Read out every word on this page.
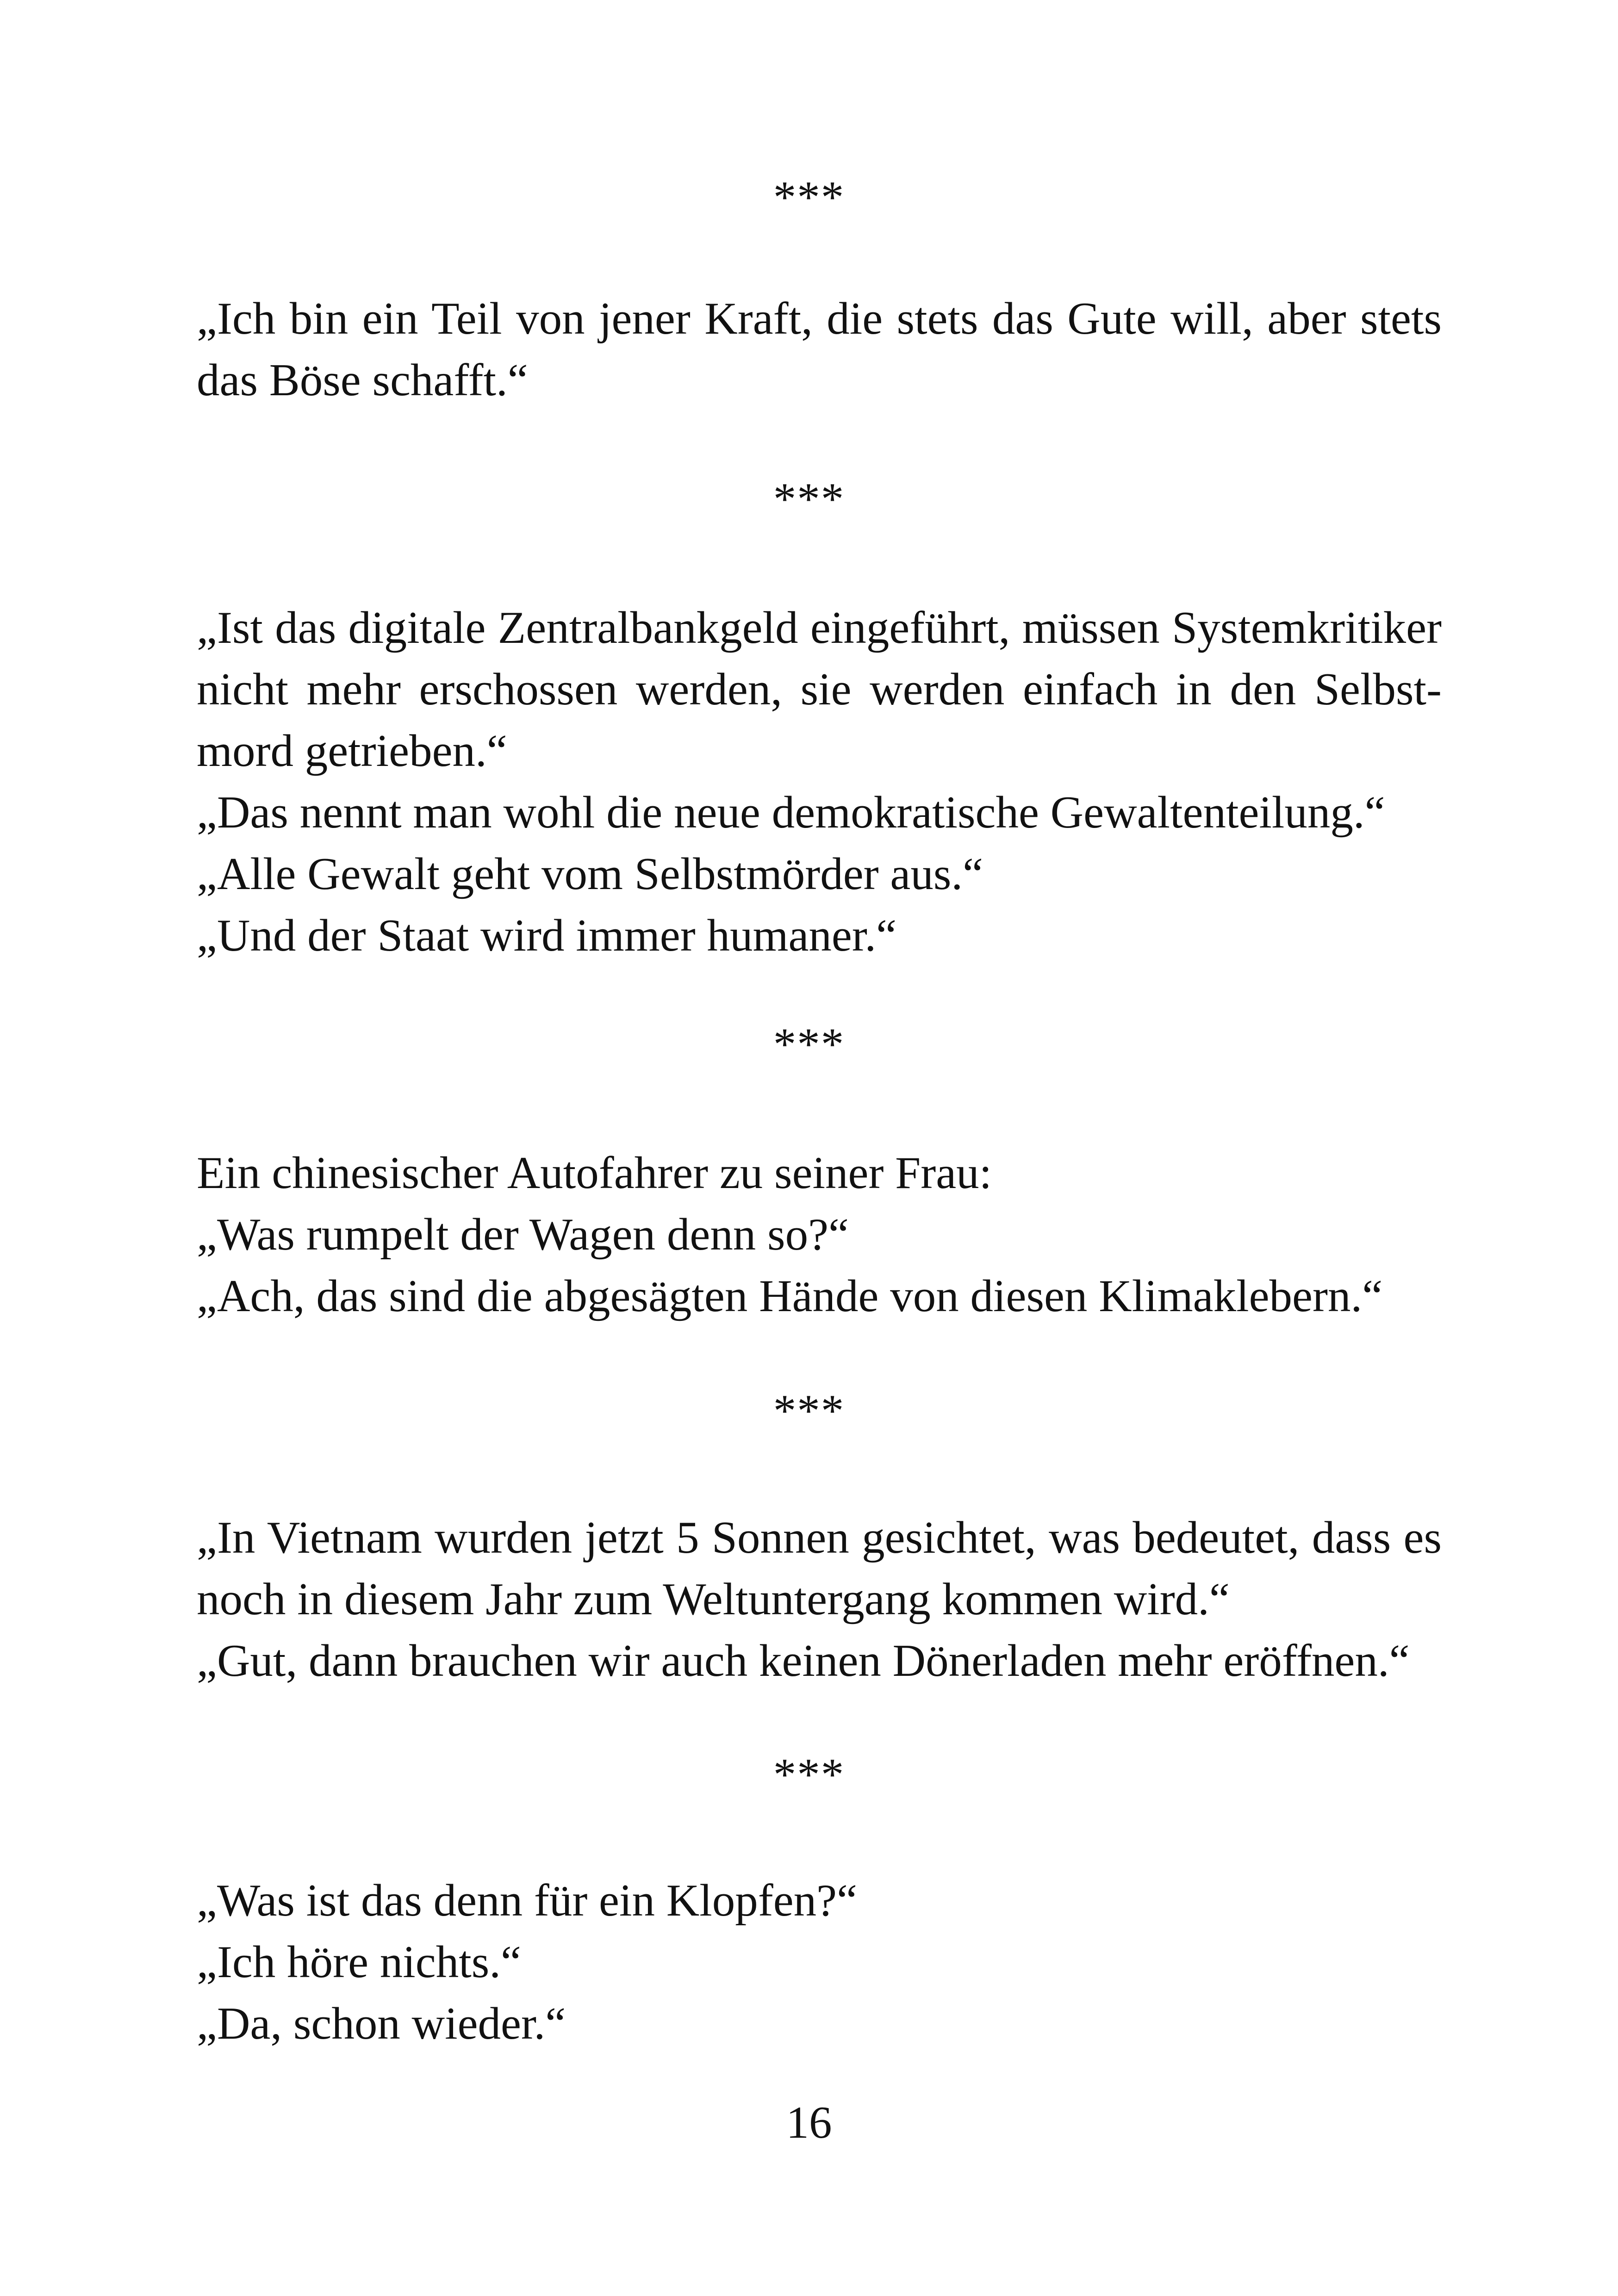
***

„Ich bin ein Teil von jener Kraft, die stets das Gute will, aber stets das Böse schafft.“

***

„Ist das digitale Zentralbankgeld eingeführt, müssen Systemkritiker nicht mehr erschossen werden, sie werden einfach in den Selbstmord getrieben.“

„Das nennt man wohl die neue demokratische Gewaltenteilung.“

„Alle Gewalt geht vom Selbstmörder aus.“

„Und der Staat wird immer humaner.“

***

Ein chinesischer Autofahrer zu seiner Frau:

„Was rumpelt der Wagen denn so?“

„Ach, das sind die abgesägten Hände von diesen Klimaklebern.“

***

„In Vietnam wurden jetzt 5 Sonnen gesichtet, was bedeutet, dass es noch in diesem Jahr zum Weltuntergang kommen wird.“

„Gut, dann brauchen wir auch keinen Dönerladen mehr eröffnen.“

***

„Was ist das denn für ein Klopfen?“

„Ich höre nichts.“

„Da, schon wieder.“

16
